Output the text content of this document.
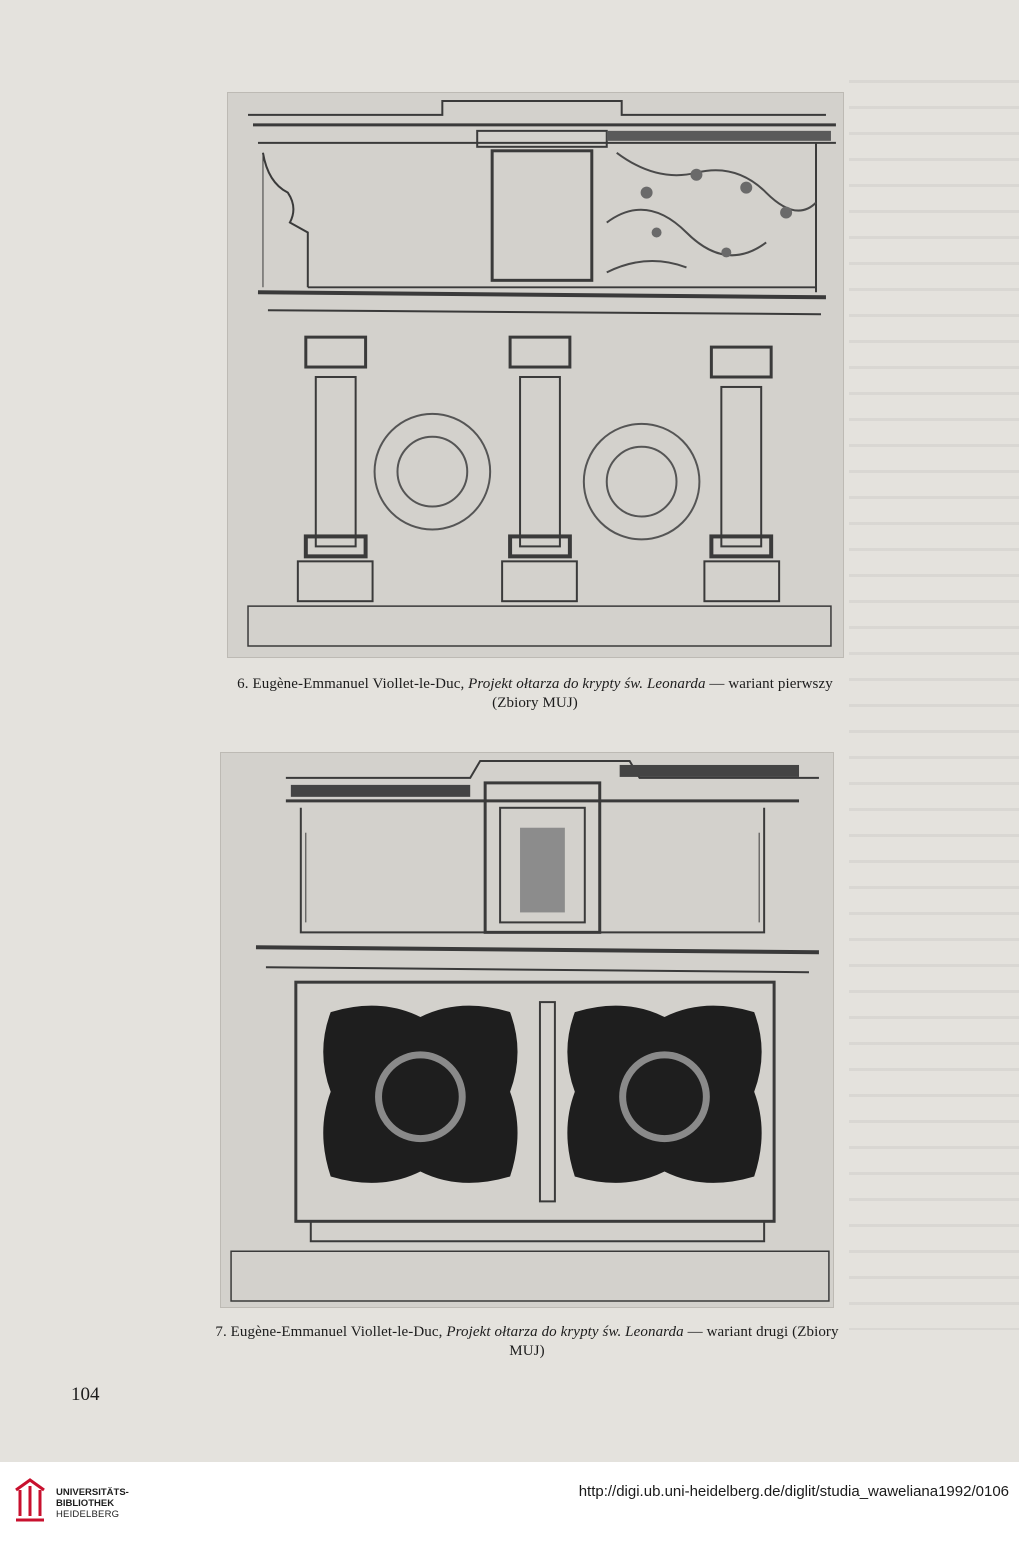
6. Eugène-Emmanuel Viollet-le-Duc, Projekt ołtarza do krypty św. Leonarda — wariant pierwszy (Zbiory MUJ)
7. Eugène-Emmanuel Viollet-le-Duc, Projekt ołtarza do krypty św. Leonarda — wariant drugi (Zbiory MUJ)
104
UNIVERSITÄTS-
BIBLIOTHEK
HEIDELBERG
http://digi.ub.uni-heidelberg.de/diglit/studia_waweliana1992/0106
